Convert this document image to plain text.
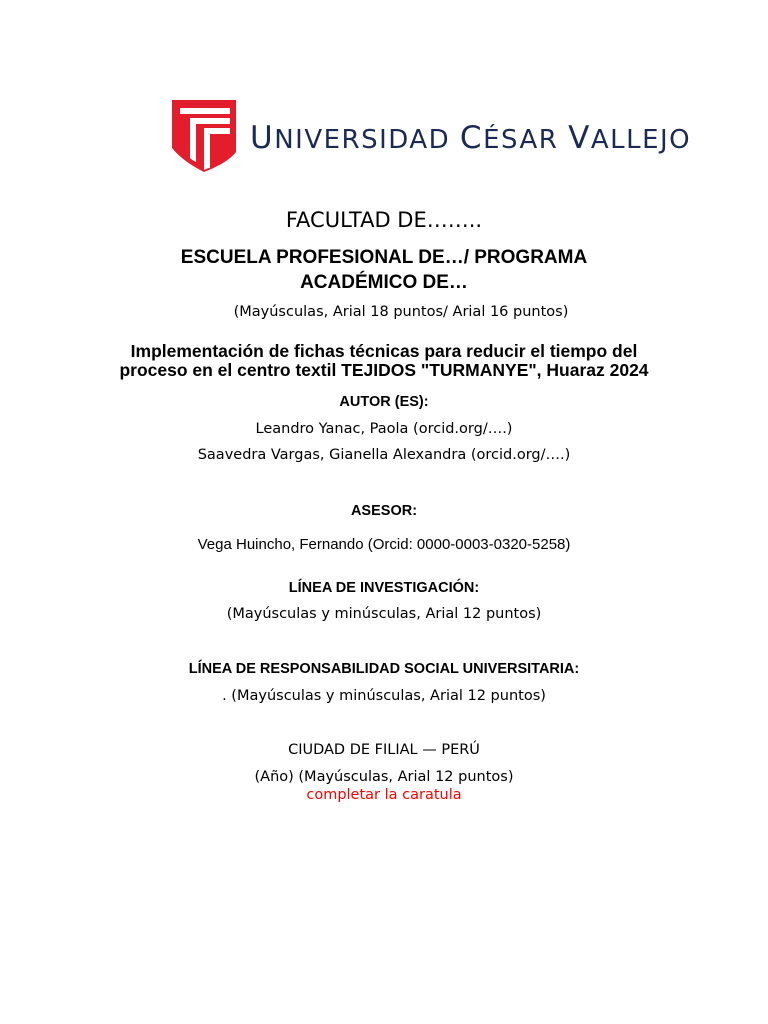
UNIVERSIDAD CÉSAR VALLEJO
FACULTAD DE……..
ESCUELA PROFESIONAL DE…/ PROGRAMA
ACADÉMICO DE…
(Mayúsculas, Arial 18 puntos/ Arial 16 puntos)
Implementación de fichas técnicas para reducir el tiempo del
proceso en el centro textil TEJIDOS "TURMANYE", Huaraz 2024
AUTOR (ES):
Leandro Yanac, Paola (orcid.org/….)
Saavedra Vargas, Gianella Alexandra (orcid.org/….)
ASESOR:
Vega Huincho, Fernando (Orcid: 0000-0003-0320-5258)
LÍNEA DE INVESTIGACIÓN:
(Mayúsculas y minúsculas, Arial 12 puntos)
LÍNEA DE RESPONSABILIDAD SOCIAL UNIVERSITARIA:
. (Mayúsculas y minúsculas, Arial 12 puntos)
CIUDAD DE FILIAL — PERÚ
(Año) (Mayúsculas, Arial 12 puntos)
completar la caratula
